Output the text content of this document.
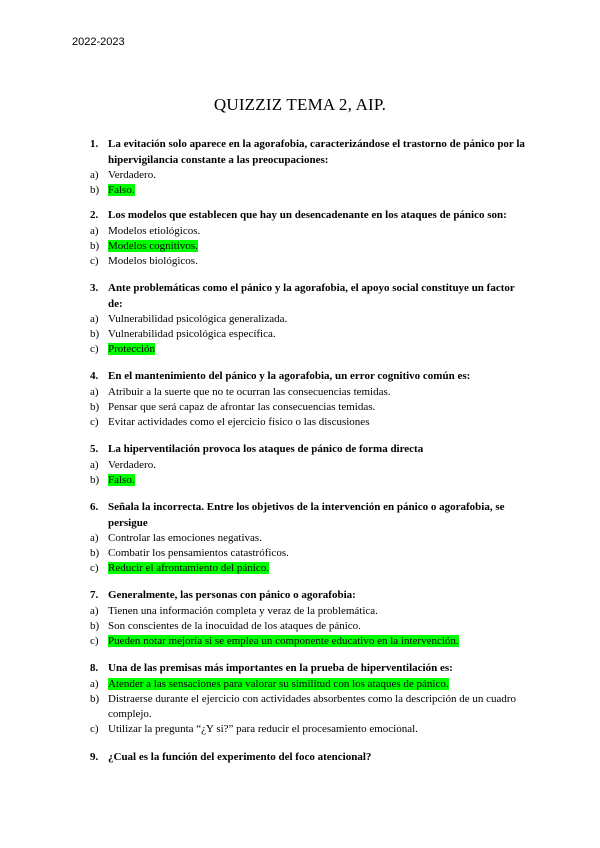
2022-2023
QUIZZIZ TEMA 2, AIP.
1. La evitación solo aparece en la agorafobia, caracterizándose el trastorno de pánico por la hipervigilancia constante a las preocupaciones:
a) Verdadero.
b) Falso.
2. Los modelos que establecen que hay un desencadenante en los ataques de pánico son:
a) Modelos etiológicos.
b) Modelos cognitivos.
c) Modelos biológicos.
3. Ante problemáticas como el pánico y la agorafobia, el apoyo social constituye un factor de:
a) Vulnerabilidad psicológica generalizada.
b) Vulnerabilidad psicológica específica.
c) Protección
4. En el mantenimiento del pánico y la agorafobia, un error cognitivo común es:
a) Atribuir a la suerte que no te ocurran las consecuencias temidas.
b) Pensar que será capaz de afrontar las consecuencias temidas.
c) Evitar actividades como el ejercicio físico o las discusiones
5. La hiperventilación provoca los ataques de pánico de forma directa
a) Verdadero.
b) Falso.
6. Señala la incorrecta. Entre los objetivos de la intervención en pánico o agorafobia, se persigue
a) Controlar las emociones negativas.
b) Combatir los pensamientos catastróficos.
c) Reducir el afrontamiento del pánico.
7. Generalmente, las personas con pánico o agorafobia:
a) Tienen una información completa y veraz de la problemática.
b) Son conscientes de la inocuidad de los ataques de pánico.
c) Pueden notar mejoría si se emplea un componente educativo en la intervención.
8. Una de las premisas más importantes en la prueba de hiperventilación es:
a) Atender a las sensaciones para valorar su similitud con los ataques de pánico.
b) Distraerse durante el ejercicio con actividades absorbentes como la descripción de un cuadro complejo.
c) Utilizar la pregunta “¿Y si?” para reducir el procesamiento emocional.
9. ¿Cual es la función del experimento del foco atencional?
